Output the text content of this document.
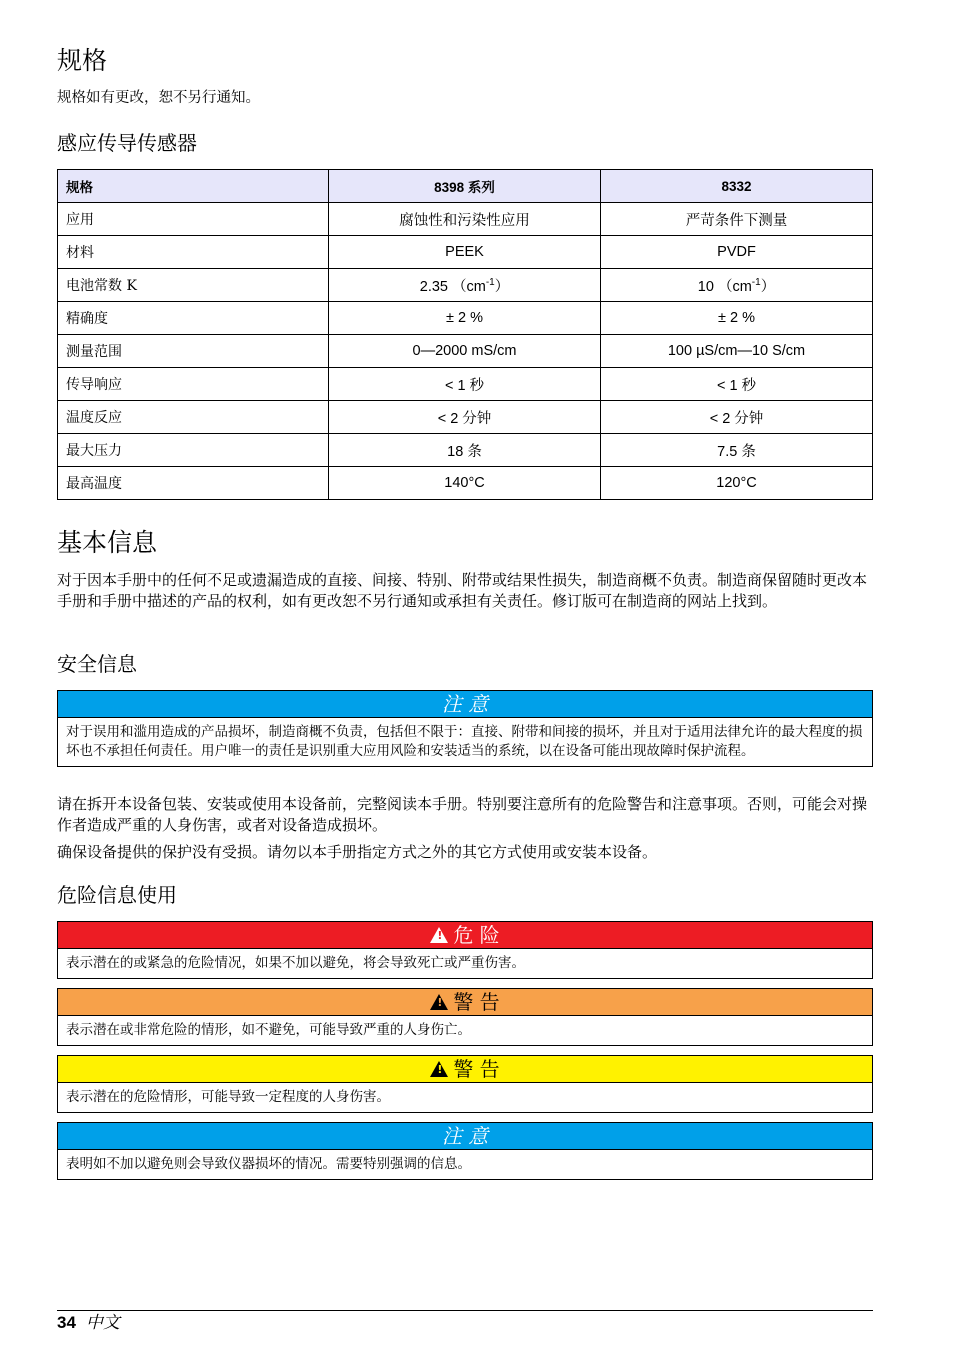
规格

规格如有更改，恕不另行通知。

感应传导传感器
规格	8398 系列	8332
应用	腐蚀性和污染性应用	严苛条件下测量
材料	PEEK	PVDF
电池常数 K	2.35 $(cm^{-1})$	10 $(cm^{-1})$
精确度	± 2 %	± 2 %
测量范围	0—2000 mS/cm	100 µS/cm—10 S/cm
传导响应	< 1 秒	< 1 秒
温度反应	< 2 分钟	< 2 分钟
最大压力	18 条	7.5 条
最高温度	140°C	120°C
基本信息

对于因本手册中的任何不足或遗漏造成的直接、间接、特别、附带或结果性损失，制造商概不负责。制造商保留随时更改本手册和手册中描述的产品的权利，如有更改恕不另行通知或承担有关责任。修订版可在制造商的网站上找到。

安全信息
注 意
对于误用和滥用造成的产品损坏，制造商概不负责，包括但不限于：直接、附带和间接的损坏，并且对于适用法律允许的最大程度的损坏也不承担任何责任。用户唯一的责任是识别重大应用风险和安装适当的系统，以在设备可能出现故障时保护流程。

请在拆开本设备包装、安装或使用本设备前，完整阅读本手册。特别要注意所有的危险警告和注意事项。否则，可能会对操作者造成严重的人身伤害，或者对设备造成损坏。

确保设备提供的保护没有受损。请勿以本手册指定方式之外的其它方式使用或安装本设备。

危险信息使用
! 危 险
表示潜在的或紧急的危险情况，如果不加以避免，将会导致死亡或严重伤害。
! 警 告
表示潜在或非常危险的情形，如不避免，可能导致严重的人身伤亡。
! 警 告
表示潜在的危险情形，可能导致一定程度的人身伤害。
注 意
表明如不加以避免则会导致仪器损坏的情况。需要特别强调的信息。
34 中文
